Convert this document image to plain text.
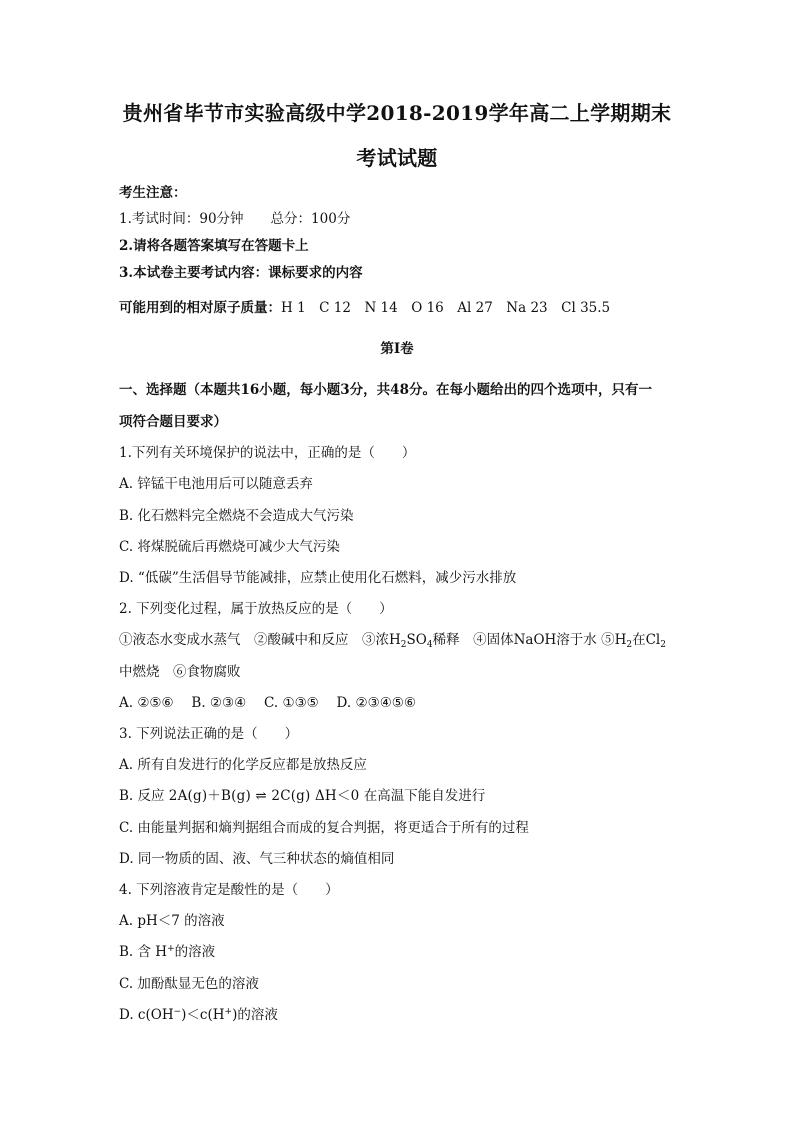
贵州省毕节市实验高级中学2018-2019学年高二上学期期末
考试试题
考生注意：
1.考试时间：90分钟　　总分：100分
2.请将各题答案填写在答题卡上
3.本试卷主要考试内容：课标要求的内容
可能用到的相对原子质量：H 1　C 12　N 14　O 16　Al 27　Na 23　Cl 35.5
第I卷
一、选择题（本题共16小题，每小题3分，共48分。在每小题给出的四个选项中，只有一
项符合题目要求）
1.下列有关环境保护的说法中，正确的是（　　）
A. 锌锰干电池用后可以随意丢弃
B. 化石燃料完全燃烧不会造成大气污染
C. 将煤脱硫后再燃烧可减少大气污染
D. “低碳”生活倡导节能减排，应禁止使用化石燃料，减少污水排放
2. 下列变化过程，属于放热反应的是（　　）
①液态水变成水蒸气　②酸碱中和反应　③浓$H_2SO_4$稀释　④固体NaOH溶于水 $⑤H_2$在$Cl_2$
中燃烧　⑥食物腐败
A. ②⑤⑥　 B. ②③④　 C. ①③⑤　 D. ②③④⑤⑥
3. 下列说法正确的是（　　）
A. 所有自发进行的化学反应都是放热反应
B. 反应 2A(g)＋B(g) ⇌ 2C(g) ΔH＜0 在高温下能自发进行
C. 由能量判据和熵判据组合而成的复合判据，将更适合于所有的过程
D. 同一物质的固、液、气三种状态的熵值相同
4. 下列溶液肯定是酸性的是（　　）
A. pH＜7 的溶液
B. 含 H+的溶液
C. 加酚酞显无色的溶液
D. c(OH−)＜c(H+)的溶液
